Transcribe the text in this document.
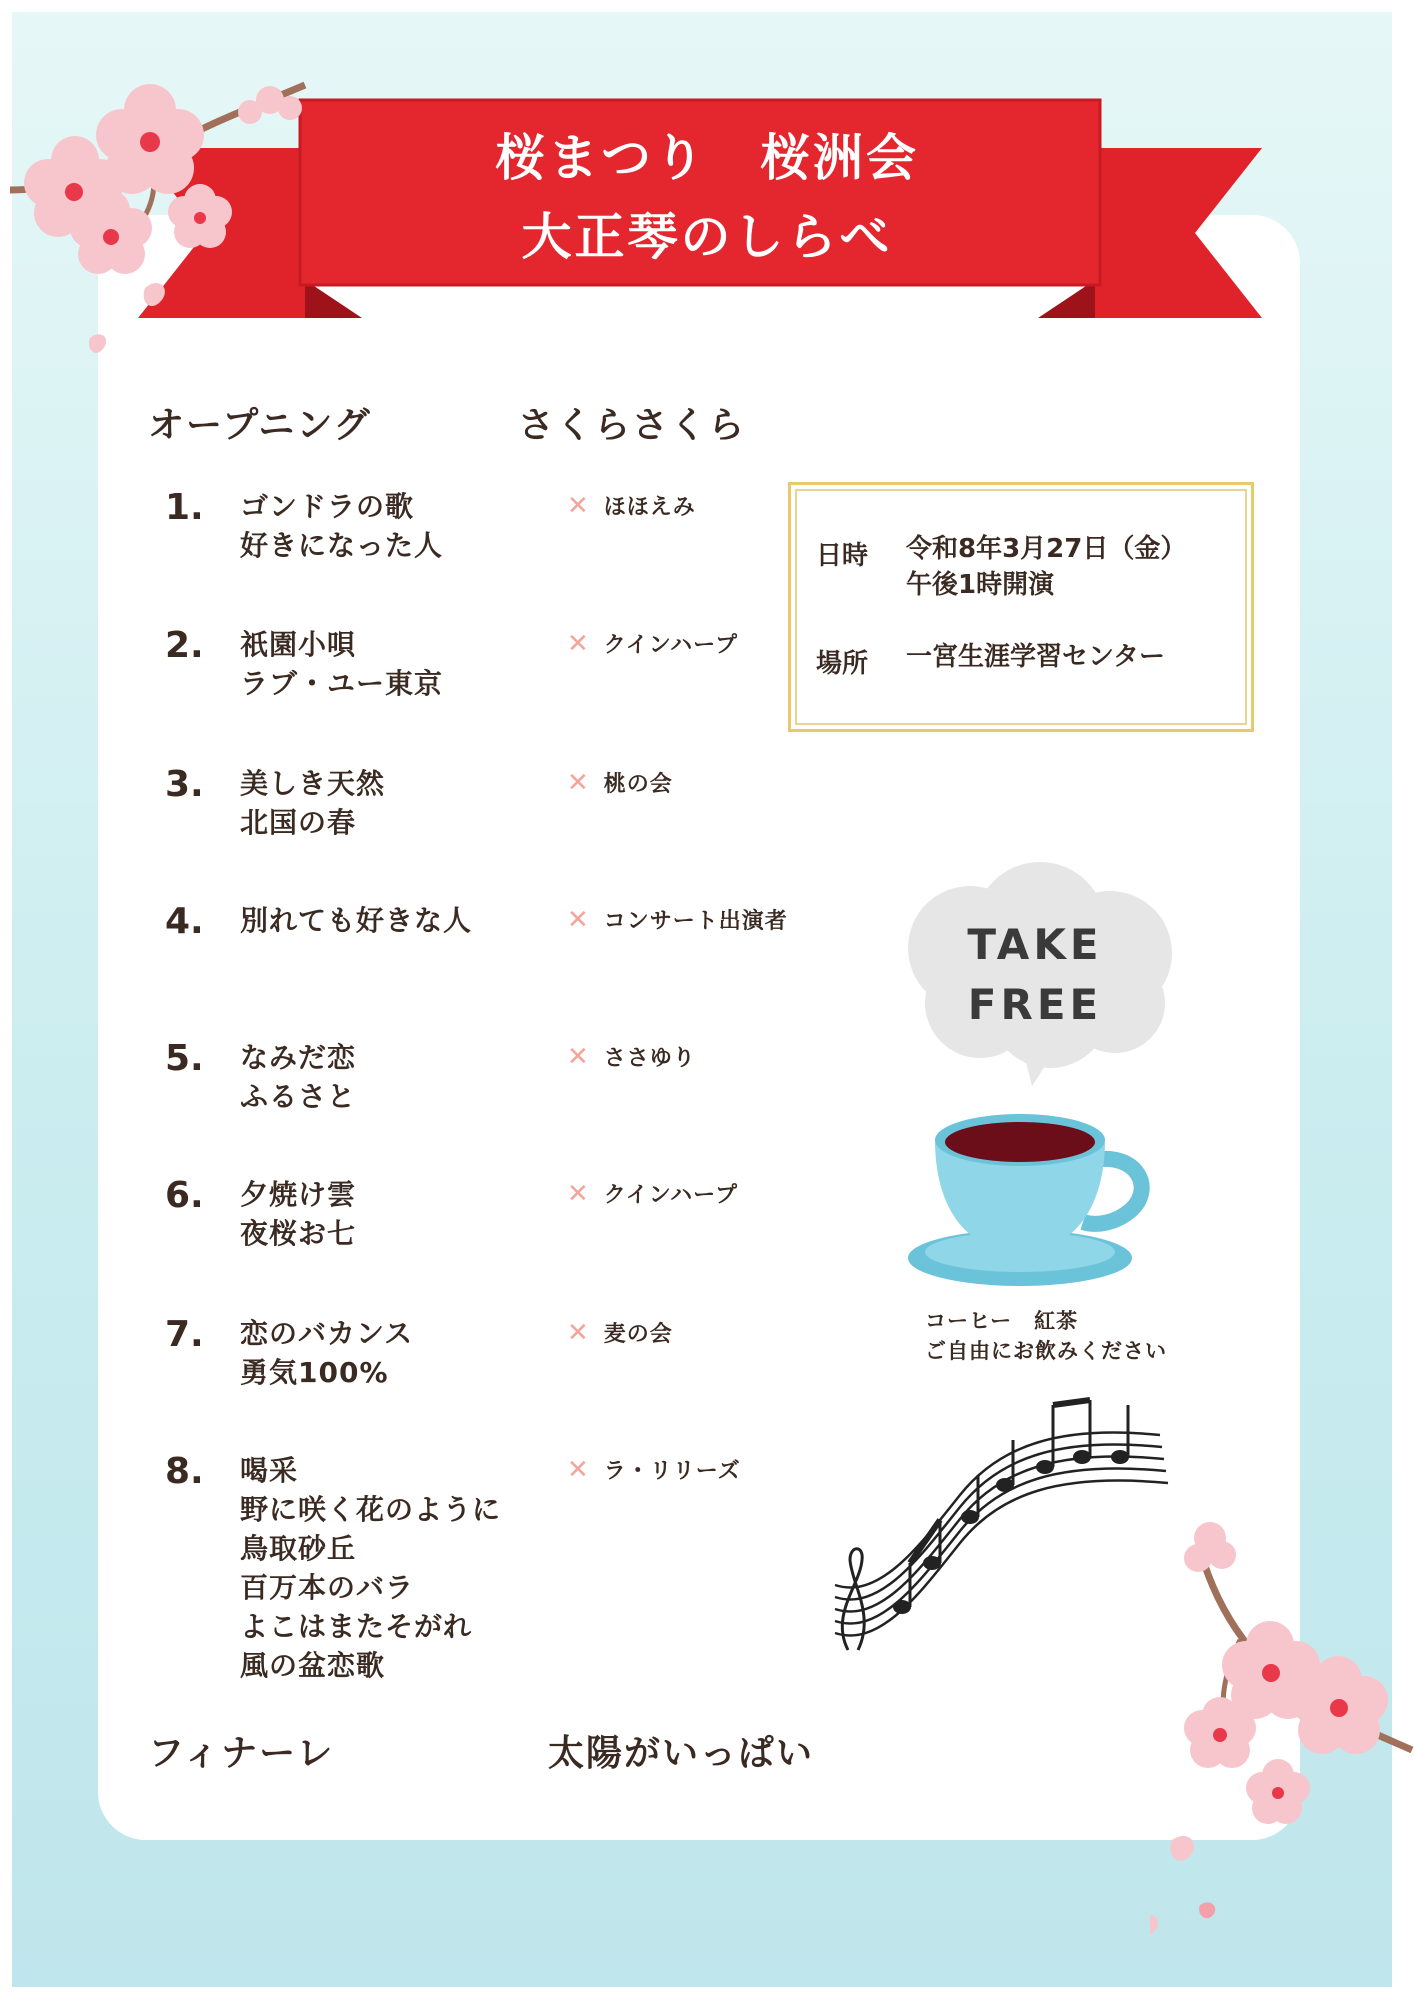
桜まつり　桜洲会
大正琴のしらべ
オープニング	さくらさくら
1. ゴンドラの歌
好きになった人
✕ ほほえみ
2. 祇園小唄
ラブ・ユー東京
✕ クインハープ
3. 美しき天然
北国の春
✕ 桃の会
4. 別れても好きな人	✕ コンサート出演者
5. なみだ恋
ふるさと
✕ ささゆり
6. 夕焼け雲
夜桜お七
✕ クインハープ
7. 恋のバカンス
勇気100%
✕ 麦の会
8. 喝采
野に咲く花のように
鳥取砂丘
百万本のバラ
よこはまたそがれ
風の盆恋歌
✕ ラ・リリーズ
フィナーレ	太陽がいっぱい
日時 令和8年3月27日（金）
午後1時開演
場所 一宮生涯学習センター
TAKE
FREE
コーヒー　紅茶
ご自由にお飲みください
